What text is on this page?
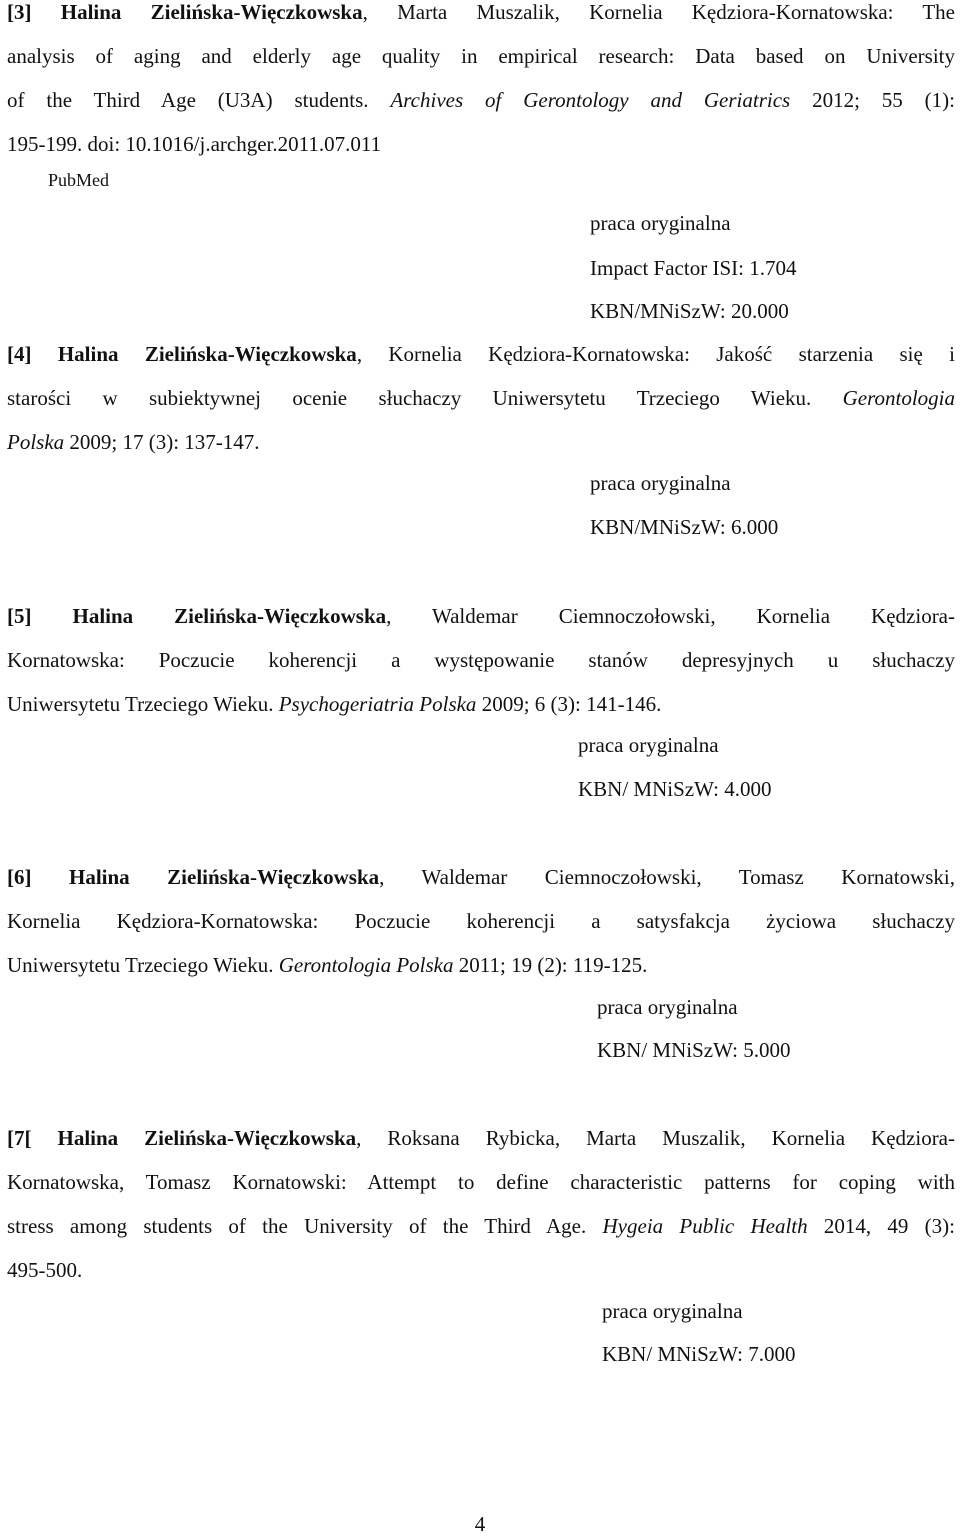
[3] Halina Zielińska-Więczkowska, Marta Muszalik, Kornelia Kędziora-Kornatowska: The
analysis of aging and elderly age quality in empirical research: Data based on University
of the Third Age (U3A) students. Archives of Gerontology and Geriatrics 2012; 55 (1):
195-199. doi: 10.1016/j.archger.2011.07.011
PubMed
praca oryginalna
Impact Factor ISI: 1.704
KBN/MNiSzW: 20.000
[4] Halina Zielińska-Więczkowska, Kornelia Kędziora-Kornatowska: Jakość starzenia się i
starości w subiektywnej ocenie słuchaczy Uniwersytetu Trzeciego Wieku. Gerontologia
Polska 2009; 17 (3): 137-147.
praca oryginalna
KBN/MNiSzW: 6.000
[5] Halina Zielińska-Więczkowska, Waldemar Ciemnoczołowski, Kornelia Kędziora-
Kornatowska: Poczucie koherencji a występowanie stanów depresyjnych u słuchaczy
Uniwersytetu Trzeciego Wieku. Psychogeriatria Polska 2009; 6 (3): 141-146.
praca oryginalna
KBN/ MNiSzW: 4.000
[6] Halina Zielińska-Więczkowska, Waldemar Ciemnoczołowski, Tomasz Kornatowski,
Kornelia Kędziora-Kornatowska: Poczucie koherencji a satysfakcja życiowa słuchaczy
Uniwersytetu Trzeciego Wieku. Gerontologia Polska 2011; 19 (2): 119-125.
praca oryginalna
KBN/ MNiSzW: 5.000
[7[ Halina Zielińska-Więczkowska, Roksana Rybicka, Marta Muszalik, Kornelia Kędziora-
Kornatowska, Tomasz Kornatowski: Attempt to define characteristic patterns for coping with
stress among students of the University of the Third Age. Hygeia Public Health 2014, 49 (3):
495-500.
praca oryginalna
KBN/ MNiSzW: 7.000
4
